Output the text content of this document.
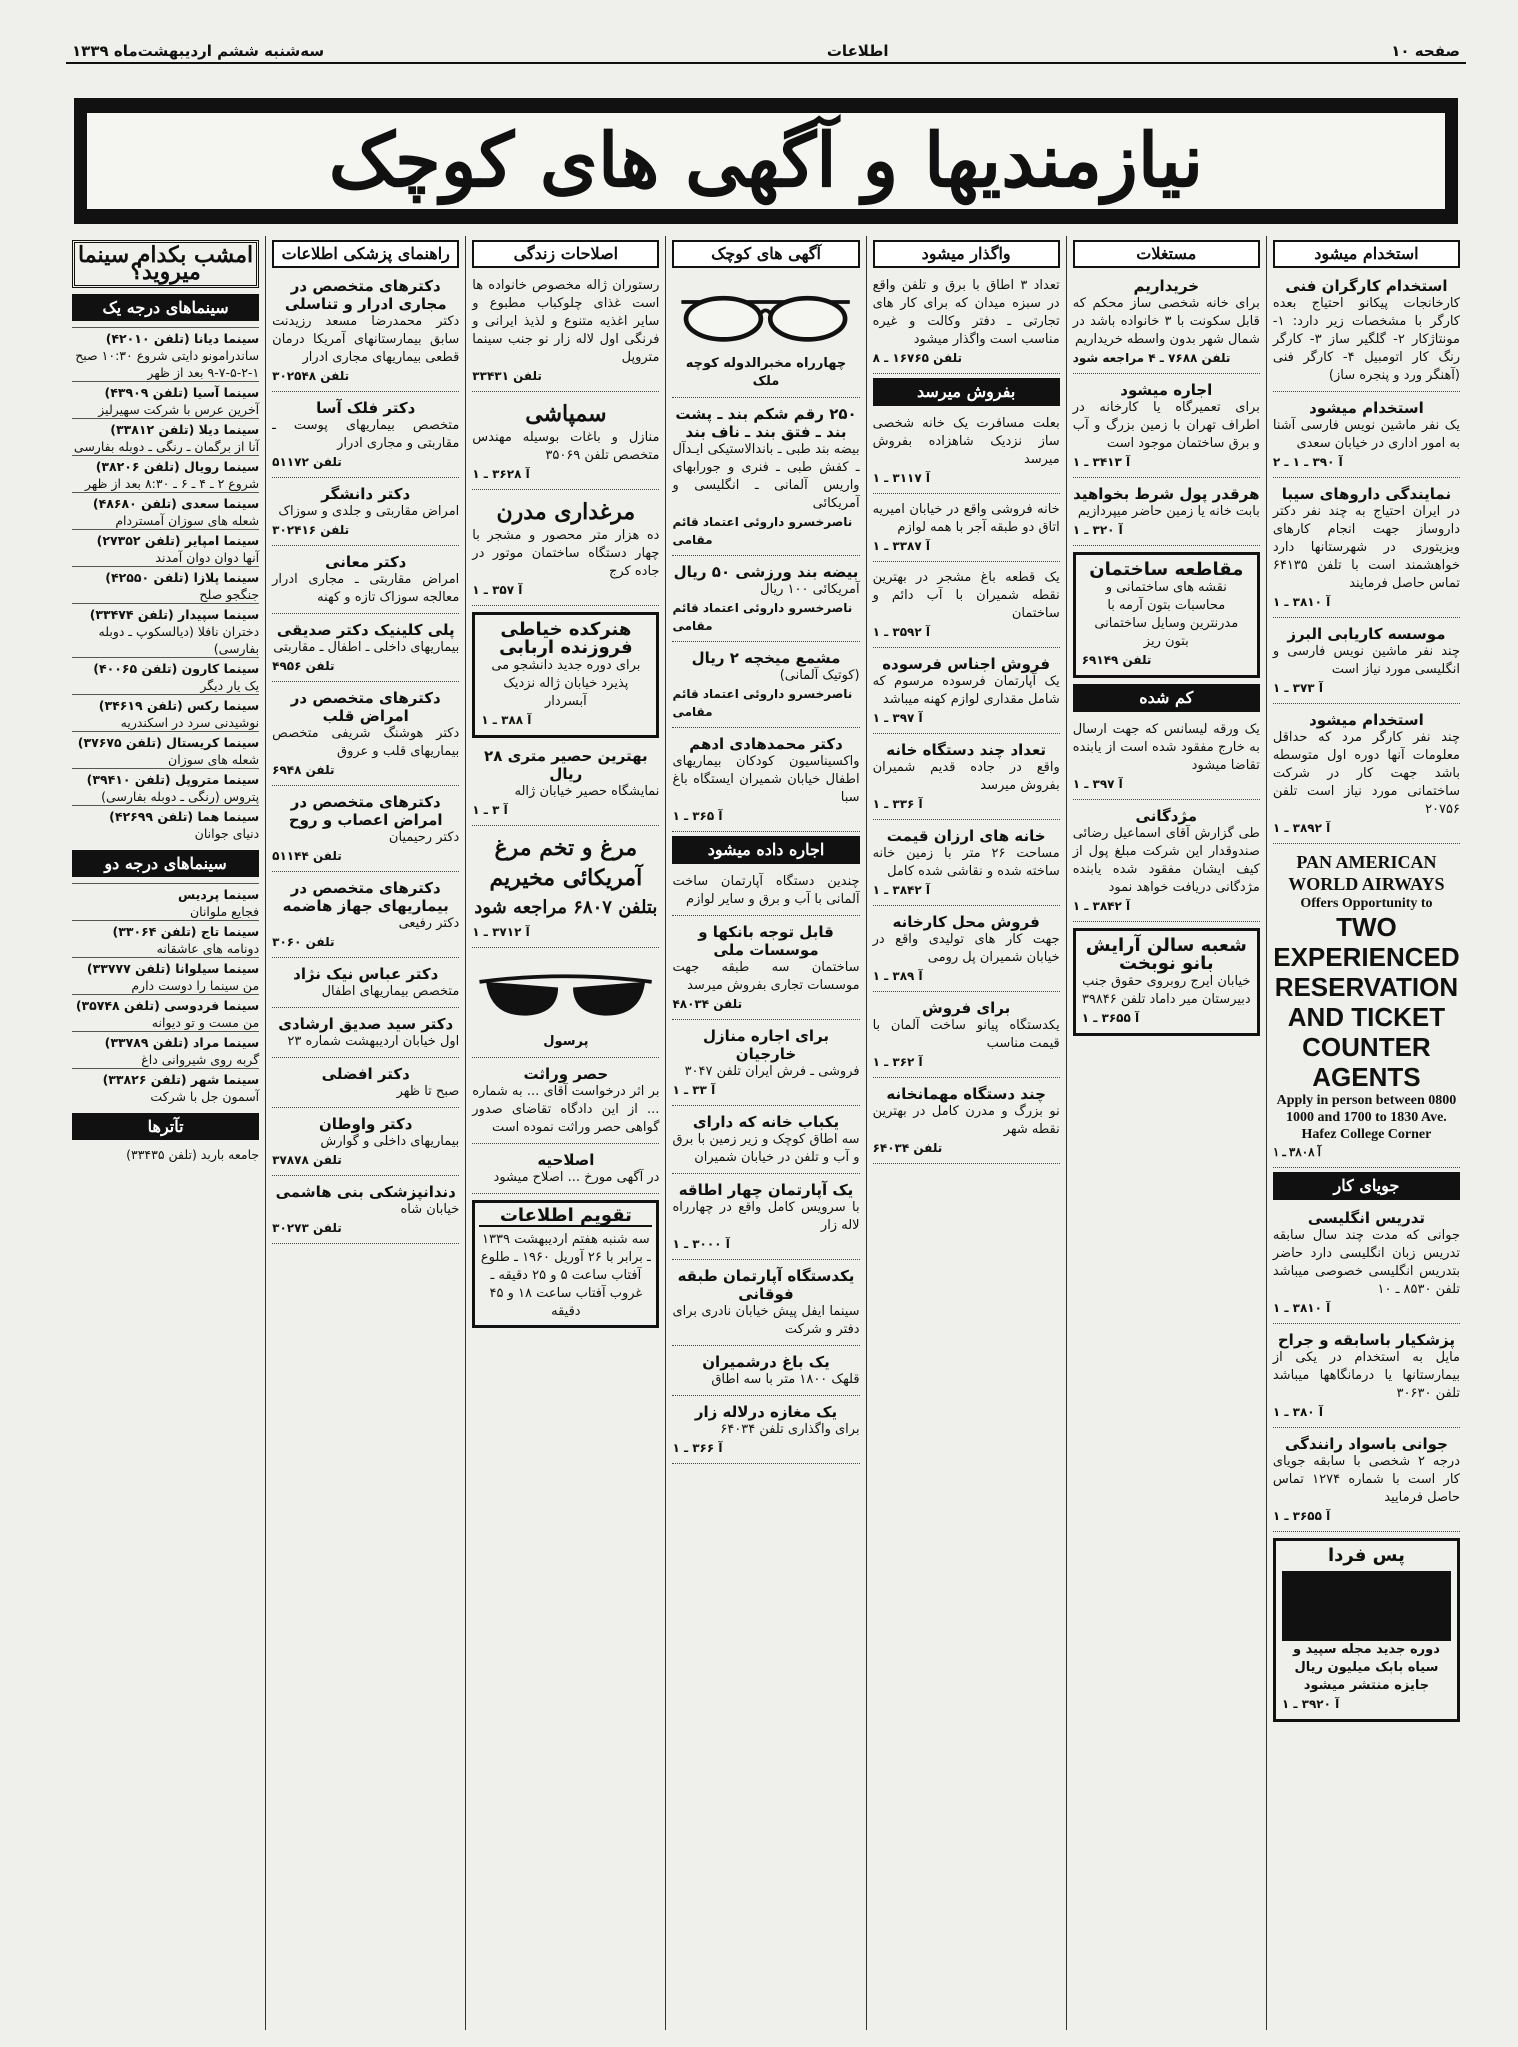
صفحه ۱۰
اطلاعات
سه‌شنبه ششم اردیبهشت‌ماه ۱۳۳۹
نیازمندیها و آگهی های کوچک
استخدام میشود
استخدام کارگران فنی
کارخانجات پیکانو احتیاج بعده کارگر با مشخصات زیر دارد: ۱- مونتاژکار ۲- گلگیر ساز ۳- کارگر رنگ کار اتومبیل ۴- کارگر فنی (آهنگر ورد و پنجره ساز)
استخدام میشود
یک نفر ماشین نویس فارسی آشنا به امور اداری در خیابان سعدی
آ ۳۹۰ ـ ۱ ـ ۲
نمایندگی داروهای سیبا
در ایران احتیاج به چند نفر دکتر داروساز جهت انجام کارهای ویزیتوری در شهرستانها دارد خواهشمند است با تلفن ۶۴۱۳۵ تماس حاصل فرمایند
آ ۳۸۱۰ ـ ۱
موسسه کاریابی البرز
چند نفر ماشین نویس فارسی و انگلیسی مورد نیاز است
آ ۳۷۳ ـ ۱
استخدام میشود
چند نفر کارگر مرد که حداقل معلومات آنها دوره اول متوسطه باشد جهت کار در شرکت ساختمانی مورد نیاز است تلفن ۲۰۷۵۶
آ ۳۸۹۲ ـ ۱
PAN AMERICAN WORLD AIRWAYS
Offers Opportunity to
TWO EXPERIENCED RESERVATION AND TICKET COUNTER AGENTS
Apply in person between 0800 1000 and 1700 to 1830 Ave. Hafez College Corner
آ ۳۸۰۸ ـ ۱
جویای کار
تدریس انگلیسی
جوانی که مدت چند سال سابقه تدریس زبان انگلیسی دارد حاضر بتدریس انگلیسی خصوصی میباشد تلفن ۸۵۳۰ ـ ۱۰
آ ۳۸۱۰ ـ ۱
پزشکیار باسابقه و جراح
مایل به استخدام در یکی از بیمارستانها یا درمانگاهها میباشد تلفن ۳۰۶۳۰
آ ۳۸۰ ـ ۱
جوانی باسواد رانندگی
درجه ۲ شخصی با سابقه جویای کار است با شماره ۱۲۷۴ تماس حاصل فرمایید
آ ۳۶۵۵ ـ ۱
پس فردا
دوره جدید مجله سپید و سیاه بابک میلیون ریال جایزه منتشر میشود
آ ۳۹۲۰ ـ ۱
مستغلات
خریداریم
برای خانه شخصی ساز محکم که قابل سکونت با ۳ خانواده باشد در شمال شهر بدون واسطه خریداریم
تلفن ۷۶۸۸ ـ ۴ مراجعه شود
اجاره میشود
برای تعمیرگاه یا کارخانه در اطراف تهران با زمین بزرگ و آب و برق ساختمان موجود است
آ ۳۴۱۳ ـ ۱
هرقدر پول شرط بخواهید
بابت خانه یا زمین حاضر میپردازیم
آ ۳۲۰ ـ ۱
مقاطعه ساختمان
نقشه های ساختمانی و محاسبات بتون آرمه با مدرنترین وسایل ساختمانی بتون ریز
تلفن ۶۹۱۴۹
کم شده
یک ورقه لیسانس که جهت ارسال به خارج مفقود شده است از یابنده تقاضا میشود
آ ۳۹۷ ـ ۱
مژدگانی
طی گزارش آقای اسماعیل رضائی صندوقدار این شرکت مبلغ پول از کیف ایشان مفقود شده یابنده مژدگانی دریافت خواهد نمود
آ ۳۸۴۲ ـ ۱
شعبه سالن آرایش بانو نوبخت
خیابان ایرج روبروی حقوق جنب دبیرستان میر داماد تلفن ۳۹۸۴۶
آ ۳۶۵۵ ـ ۱
واگذار میشود
تعداد ۳ اطاق با برق و تلفن واقع در سبزه میدان که برای کار های تجارتی ـ دفتر وکالت و غیره مناسب است واگذار میشود
تلفن ۱۶۷۶۵ ـ ۸
بفروش میرسد
بعلت مسافرت یک خانه شخصی ساز نزدیک شاهزاده بفروش میرسد
آ ۳۱۱۷ ـ ۱
خانه فروشی واقع در خیابان امیریه اتاق دو طبقه آجر با همه لوازم
آ ۳۳۸۷ ـ ۱
یک قطعه باغ مشجر در بهترین نقطه شمیران با آب دائم و ساختمان
آ ۳۵۹۲ ـ ۱
فروش اجناس فرسوده
یک آپارتمان فرسوده مرسوم که شامل مقداری لوازم کهنه میباشد
آ ۳۹۷ ـ ۱
تعداد چند دستگاه خانه
واقع در جاده قدیم شمیران بفروش میرسد
آ ۳۳۶ ـ ۱
خانه های ارزان قیمت
مساحت ۲۶ متر با زمین خانه ساخته شده و نقاشی شده کامل
آ ۳۸۴۲ ـ ۱
فروش محل کارخانه
جهت کار های تولیدی واقع در خیابان شمیران پل رومی
آ ۳۸۹ ـ ۱
برای فروش
یکدستگاه پیانو ساخت آلمان با قیمت مناسب
آ ۳۶۲ ـ ۱
چند دستگاه مهمانخانه
نو بزرگ و مدرن کامل در بهترین نقطه شهر
تلفن ۶۴۰۳۴
آگهی های کوچک
چهارراه مخبرالدوله کوچه ملک
۲۵۰ رقم شکم بند ـ پشت بند ـ فتق بند ـ ناف بند
بیضه بند طبی ـ باندالاستیکی ایـدآل ـ کفش طبی ـ فنری و جورابهای واریس آلمانی ـ انگلیسی و آمریکائی
ناصرخسرو داروئی اعتماد قائم مقامی
بیضه بند ورزشی ۵۰ ریال
آمریکائی ۱۰۰ ریال
ناصرخسرو داروئی اعتماد قائم مقامی
مشمع میخچه ۲ ریال
(کوتیک آلمانی)
ناصرخسرو داروئی اعتماد قائم مقامی
دکتر محمدهادی ادهم
واکسیناسیون کودکان بیماریهای اطفال خیابان شمیران ایستگاه باغ سبا
آ ۳۶۵ ـ ۱
اجاره داده میشود
چندین دستگاه آپارتمان ساخت آلمانی با آب و برق و سایر لوازم
قابل توجه بانکها و موسسات ملی
ساختمان سه طبقه جهت موسسات تجاری بفروش میرسد
تلفن ۴۸۰۳۴
برای اجاره منازل خارجیان
فروشی ـ فرش ایران تلفن ۳۰۴۷
آ ۳۳ ـ ۱
یکباب خانه که دارای
سه اطاق کوچک و زیر زمین با برق و آب و تلفن در خیابان شمیران
یک آپارتمان چهار اطاقه
با سرویس کامل واقع در چهارراه لاله زار
آ ۳۰۰۰ ـ ۱
یکدستگاه آپارتمان طبقه فوقانی
سینما ایفل پیش خیابان نادری برای دفتر و شرکت
یک باغ درشمیران
قلهک ۱۸۰۰ متر با سه اطاق
یک مغازه درلاله زار
برای واگذاری تلفن ۶۴۰۳۴
آ ۳۶۶ ـ ۱
اصلاحات زندگی
رستوران ژاله مخصوص خانواده ها است غذای چلوکباب مطبوع و ساير اغذیه متنوع و لذیذ ایرانی و فرنگی اول لاله زار نو جنب سینما متروپل
تلفن ۳۳۴۳۱
سمپاشی
منازل و باغات بوسیله مهندس متخصص تلفن ۳۵۰۶۹
آ ۳۶۲۸ ـ ۱
مرغداری مدرن
ده هزار متر محصور و مشجر با چهار دستگاه ساختمان موتور در جاده کرج
آ ۳۵۷ ـ ۱
هنرکده خیاطی فروزنده اربابی
برای دوره جدید دانشجو می پذیرد خیابان ژاله نزدیک آبسردار
آ ۳۸۸ ـ ۱
بهترین حصیر متری ۲۸ ریال
نمایشگاه حصیر خیابان ژاله
آ ۳ ـ ۱
مرغ و تخم مرغ آمریکائی مخیریم
بتلفن ۶۸۰۷ مراجعه شود
آ ۳۷۱۲ ـ ۱
پرسول
حصر وراثت
بر اثر درخواست آقای ... به شماره ... از این دادگاه تقاضای صدور گواهی حصر وراثت نموده است
اصلاحیه
در آگهی مورخ ... اصلاح میشود
تقویم اطلاعات
سه شنبه هفتم اردیبهشت ۱۳۳۹ ـ برابر با ۲۶ آوریل ۱۹۶۰ ـ طلوع آفتاب ساعت ۵ و ۲۵ دقیقه ـ غروب آفتاب ساعت ۱۸ و ۴۵ دقیقه
راهنمای پزشکی اطلاعات
دکترهای متخصص در مجاری ادرار و تناسلی
دکتر محمدرضا مسعد رزیدنت سابق بیمارستانهای آمریکا درمان قطعی بیماریهای مجاری ادرار
تلفن ۳۰۲۵۴۸
دکتر فلک آسا
متخصص بیماریهای پوست ـ مقاربتی و مجاری ادرار
تلفن ۵۱۱۷۲
دکتر دانشگر
امراض مقاربتی و جلدی و سوزاک
تلفن ۳۰۲۴۱۶
دکتر معانی
امراض مقاربتی ـ مجاری ادرار معالجه سوزاک تازه و کهنه
پلی کلینیک دکتر صدیقی
بیماریهای داخلی ـ اطفال ـ مقاربتی
تلفن ۴۹۵۶
دکترهای متخصص در امراض قلب
دکتر هوشنگ شریفی متخصص بیماریهای قلب و عروق
تلفن ۶۹۴۸
دکترهای متخصص در امراض اعصاب و روح
دکتر رحیمیان
تلفن ۵۱۱۴۴
دکترهای متخصص در بیماریهای جهاز هاضمه
دکتر رفیعی
تلفن ۳۰۶۰
دکتر عباس نیک نژاد
متخصص بیماریهای اطفال
دکتر سید صدیق ارشادی
اول خیابان اردیبهشت شماره ۲۳
دکتر افضلی
صبح تا ظهر
دکتر واوطان
بیماریهای داخلی و گوارش
تلفن ۳۷۸۷۸
دندانپزشکی بنی هاشمی
خیابان شاه
تلفن ۳۰۲۷۳
امشب بکدام سینما میروید؟
سینماهای درجه یک
سینما دیانا (تلفن ۴۲۰۱۰)
ساندرامونو دایتی شروع ۱۰:۳۰ صبح ۱-۲-۵-۷-۹ بعد از ظهر
سینما آسیا (تلفن ۴۳۹۰۹)
آخرین عرس با شرکت سهیرلیز
سینما دیلا (تلفن ۳۳۸۱۲)
آنا از برگمان ـ رنگی ـ دوبله بفارسی
سینما رویال (تلفن ۳۸۲۰۶)
شروع ۲ ـ ۴ ـ ۶ ـ ۸:۳۰ بعد از ظهر
سینما سعدی (تلفن ۴۸۶۸۰)
شعله های سوزان آمستردام
سینما امپایر (تلفن ۲۷۳۵۲)
آنها دوان دوان آمدند
سینما پلازا (تلفن ۴۲۵۵۰)
جنگجو صلح
سینما سپیدار (تلفن ۳۳۴۷۴)
دختران نافلا (دیالسکوپ ـ دوبله بفارسی)
سینما کارون (تلفن ۴۰۰۶۵)
یک یار دیگر
سینما رکس (تلفن ۳۴۶۱۹)
نوشیدنی سرد در اسکندریه
سینما کریستال (تلفن ۳۷۶۷۵)
شعله های سوزان
سینما متروپل (تلفن ۳۹۴۱۰)
پتروس (رنگی ـ دوبله بفارسی)
سینما هما (تلفن ۴۲۶۹۹)
دنیای جوانان
سینماهای درجه دو
سینما پردیس
فجایع ملوانان
سینما تاج (تلفن ۳۳۰۶۴)
دونامه های عاشقانه
سینما سیلوانا (تلفن ۳۳۷۷۷)
من سینما را دوست دارم
سینما فردوسی (تلفن ۳۵۷۴۸)
من مست و تو دیوانه
سینما مراد (تلفن ۳۳۷۸۹)
گربه روی شیروانی داغ
سینما شهر (تلفن ۳۳۸۲۶)
آسمون جل با شرکت
تآترها
جامعه باربد (تلفن ۳۳۴۳۵)
